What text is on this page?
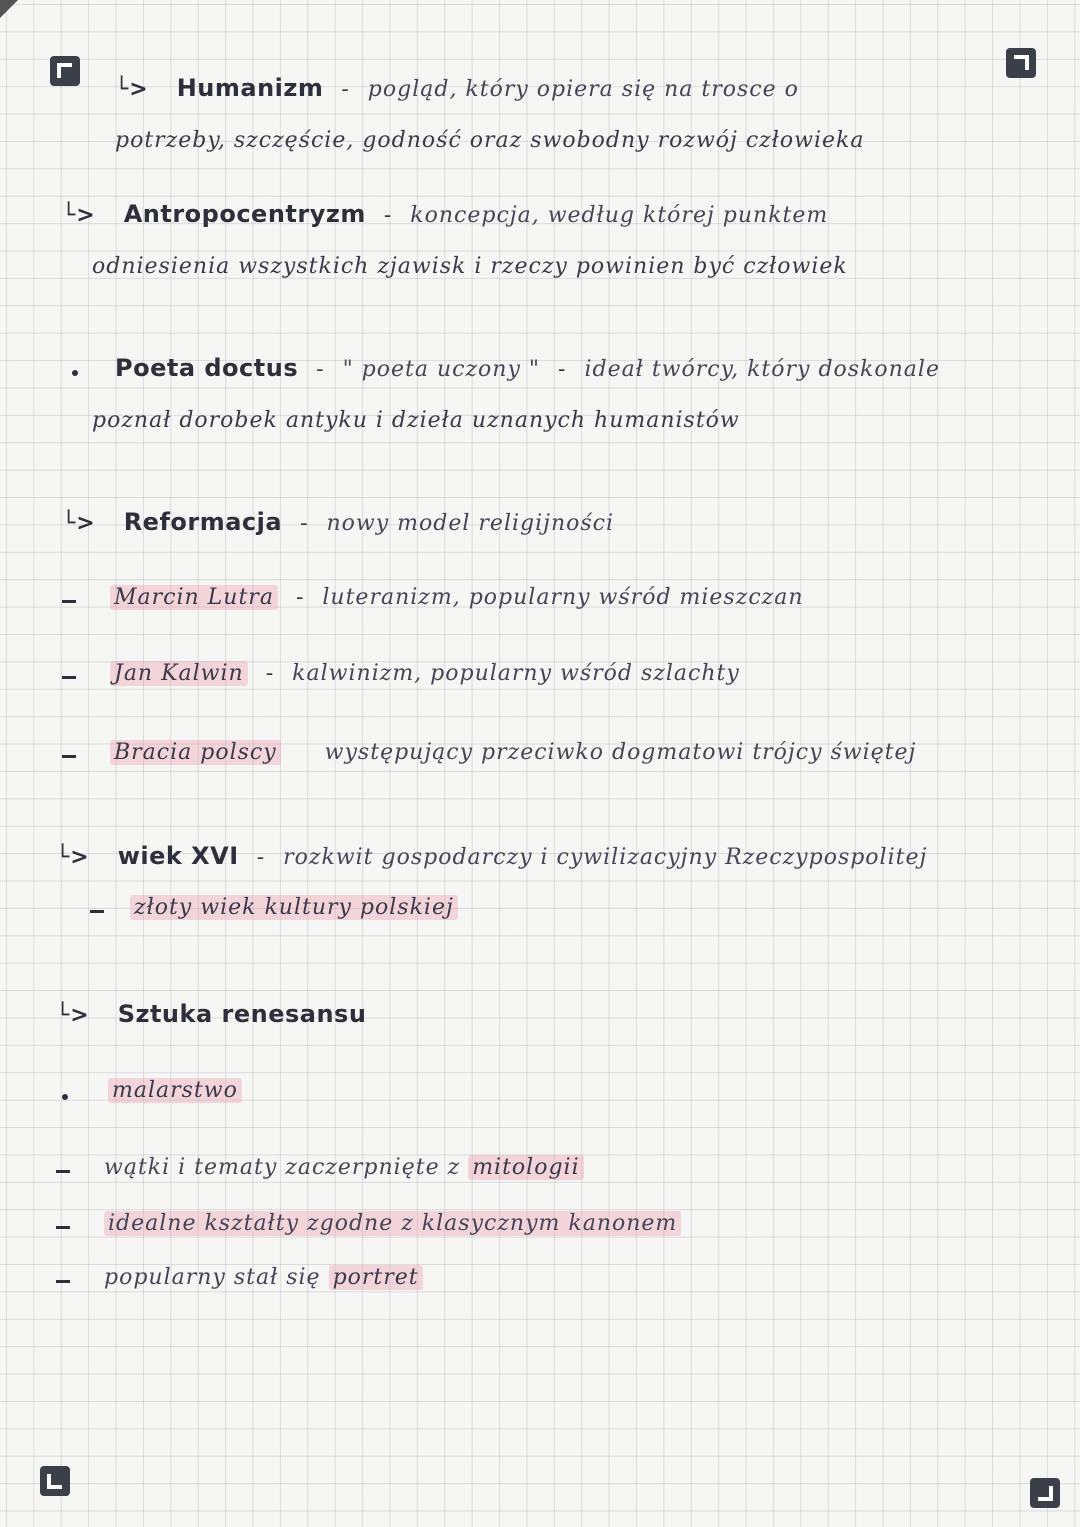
└> Humanizm - pogląd, który opiera się na trosce o
potrzeby, szczęście, godność oraz swobodny rozwój człowieka
└> Antropocentryzm - koncepcja, według której punktem
odniesienia wszystkich zjawisk i rzeczy powinien być człowiek
Poeta doctus - " poeta uczony " - ideał twórcy, który doskonale
poznał dorobek antyku i dzieła uznanych humanistów
└> Reformacja - nowy model religijności
Marcin Lutra - luteranizm, popularny wśród mieszczan
Jan Kalwin - kalwinizm, popularny wśród szlachty
Bracia polscy występujący przeciwko dogmatowi trójcy świętej
└> wiek XVI - rozkwit gospodarczy i cywilizacyjny Rzeczypospolitej
złoty wiek kultury polskiej
└> Sztuka renesansu
malarstwo
wątki i tematy zaczerpnięte z mitologii
idealne kształty zgodne z klasycznym kanonem
popularny stał się portret
